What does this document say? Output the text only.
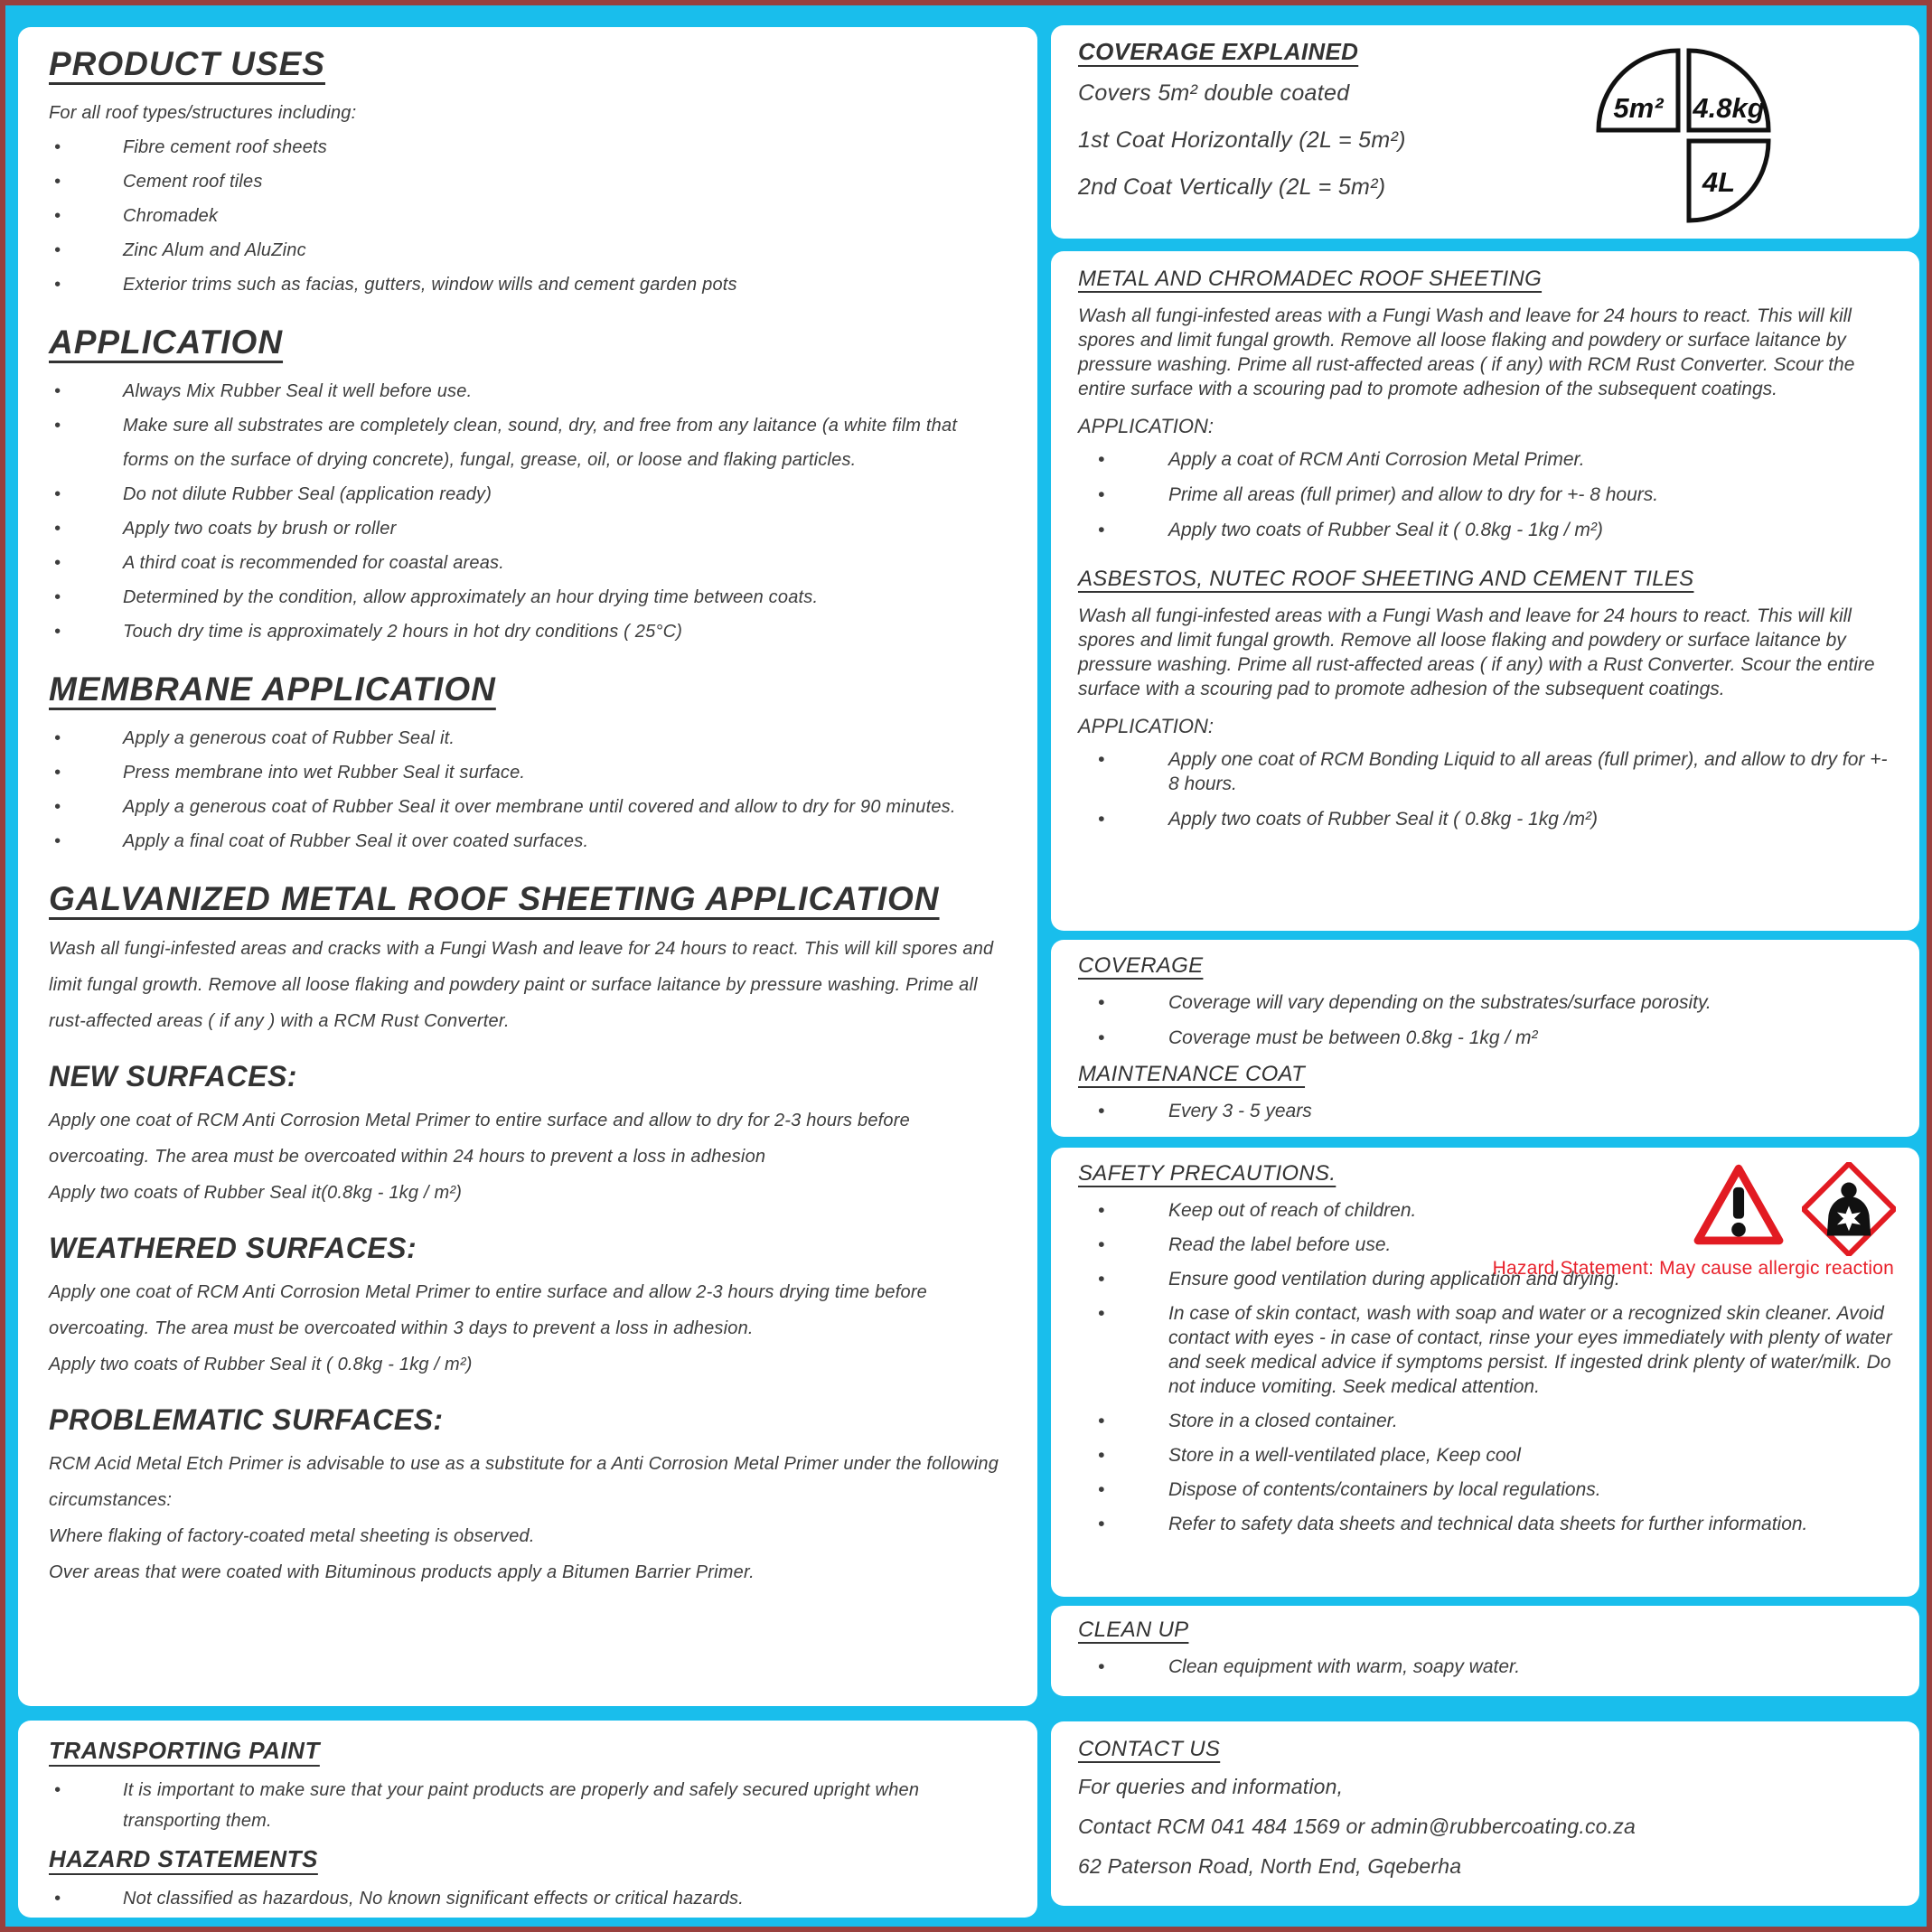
PRODUCT USES
For all roof types/structures including:
• Fibre cement roof sheets
• Cement roof tiles
• Chromadek
• Zinc Alum and AluZinc
• Exterior trims such as facias, gutters, window wills and cement garden pots
APPLICATION
• Always Mix Rubber Seal it well before use.
• Make sure all substrates are completely clean, sound, dry, and free from any laitance (a white film that forms on the surface of drying concrete), fungal, grease, oil, or loose and flaking particles.
• Do not dilute Rubber Seal (application ready)
• Apply two coats by brush or roller
• A third coat is recommended for coastal areas.
• Determined by the condition, allow approximately an hour drying time between coats.
• Touch dry time is approximately 2 hours in hot dry conditions ( 25°C)
MEMBRANE APPLICATION
• Apply a generous coat of Rubber Seal it.
• Press membrane into wet Rubber Seal it surface.
• Apply a generous coat of Rubber Seal it over membrane until covered and allow to dry for 90 minutes.
• Apply a final coat of Rubber Seal it over coated surfaces.
GALVANIZED METAL ROOF SHEETING APPLICATION
Wash all fungi-infested areas and cracks with a Fungi Wash and leave for 24 hours to react. This will kill spores and limit fungal growth. Remove all loose flaking and powdery paint or surface laitance by pressure washing. Prime all rust-affected areas ( if any ) with a RCM Rust Converter.
NEW SURFACES:
Apply one coat of RCM Anti Corrosion Metal Primer to entire surface and allow to dry for 2-3 hours before overcoating. The area must be overcoated within 24 hours to prevent a loss in adhesion
Apply two coats of Rubber Seal it(0.8kg - 1kg / m²)
WEATHERED SURFACES:
Apply one coat of RCM Anti Corrosion Metal Primer to entire surface and allow 2-3 hours drying time before overcoating. The area must be overcoated within 3 days to prevent a loss in adhesion.
Apply two coats of Rubber Seal it ( 0.8kg - 1kg / m²)
PROBLEMATIC SURFACES:
RCM Acid Metal Etch Primer is advisable to use as a substitute for a Anti Corrosion Metal Primer under the following circumstances:
Where flaking of factory-coated metal sheeting is observed.
Over areas that were coated with Bituminous products apply a Bitumen Barrier Primer.
TRANSPORTING PAINT
• It is important to make sure that your paint products are properly and safely secured upright when transporting them.
HAZARD STATEMENTS
• Not classified as hazardous, No known significant effects or critical hazards.
COVERAGE EXPLAINED
Covers 5m² double coated
1st Coat Horizontally (2L = 5m²)
2nd Coat Vertically (2L = 5m²)
5m² 4.8kg
4L
METAL AND CHROMADEC ROOF SHEETING
Wash all fungi-infested areas with a Fungi Wash and leave for 24 hours to react. This will kill spores and limit fungal growth. Remove all loose flaking and powdery or surface laitance by pressure washing. Prime all rust-affected areas ( if any) with RCM Rust Converter. Scour the entire surface with a scouring pad to promote adhesion of the subsequent coatings.
APPLICATION:
• Apply a coat of RCM Anti Corrosion Metal Primer.
• Prime all areas (full primer) and allow to dry for +- 8 hours.
• Apply two coats of Rubber Seal it ( 0.8kg - 1kg / m²)
ASBESTOS, NUTEC ROOF SHEETING AND CEMENT TILES
Wash all fungi-infested areas with a Fungi Wash and leave for 24 hours to react. This will kill spores and limit fungal growth. Remove all loose flaking and powdery or surface laitance by pressure washing. Prime all rust-affected areas ( if any) with a Rust Converter. Scour the entire surface with a scouring pad to promote adhesion of the subsequent coatings.
APPLICATION:
• Apply one coat of RCM Bonding Liquid to all areas (full primer), and allow to dry for +- 8 hours.
• Apply two coats of Rubber Seal it ( 0.8kg - 1kg /m²)
COVERAGE
• Coverage will vary depending on the substrates/surface porosity.
• Coverage must be between 0.8kg - 1kg / m²
MAINTENANCE COAT
• Every 3 - 5 years
SAFETY PRECAUTIONS.
• Keep out of reach of children.
• Read the label before use.
• Ensure good ventilation during application and drying.
• In case of skin contact, wash with soap and water or a recognized skin cleaner. Avoid contact with eyes - in case of contact, rinse your eyes immediately with plenty of water and seek medical advice if symptoms persist. If ingested drink plenty of water/milk. Do not induce vomiting. Seek medical attention.
• Store in a closed container.
• Store in a well-ventilated place, Keep cool
• Dispose of contents/containers by local regulations.
• Refer to safety data sheets and technical data sheets for further information.
Hazard Statement: May cause allergic reaction
CLEAN UP
• Clean equipment with warm, soapy water.
CONTACT US
For queries and information,
Contact RCM 041 484 1569 or admin@rubbercoating.co.za
62 Paterson Road, North End, Gqeberha
